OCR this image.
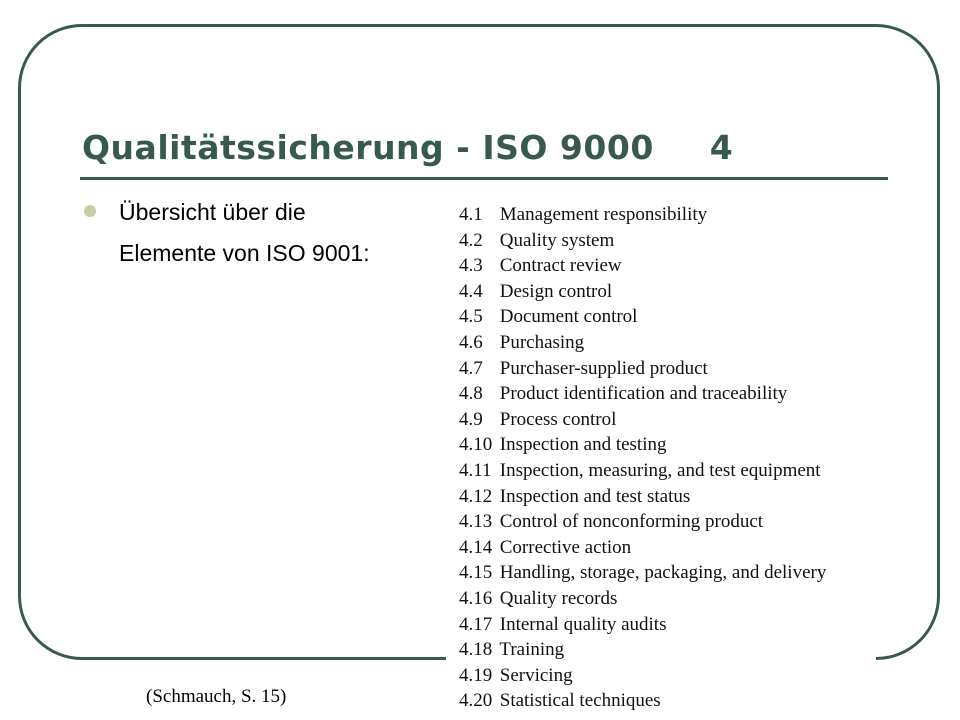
Qualitätssicherung - ISO 9000 4

Übersicht über die
Elemente von ISO 9001:

4.1 Management responsibility
4.2 Quality system
4.3 Contract review
4.4 Design control
4.5 Document control
4.6 Purchasing
4.7 Purchaser-supplied product
4.8 Product identification and traceability
4.9 Process control
4.10 Inspection and testing
4.11 Inspection, measuring, and test equipment
4.12 Inspection and test status
4.13 Control of nonconforming product
4.14 Corrective action
4.15 Handling, storage, packaging, and delivery
4.16 Quality records
4.17 Internal quality audits
4.18 Training
4.19 Servicing
4.20 Statistical techniques

(Schmauch, S. 15)
